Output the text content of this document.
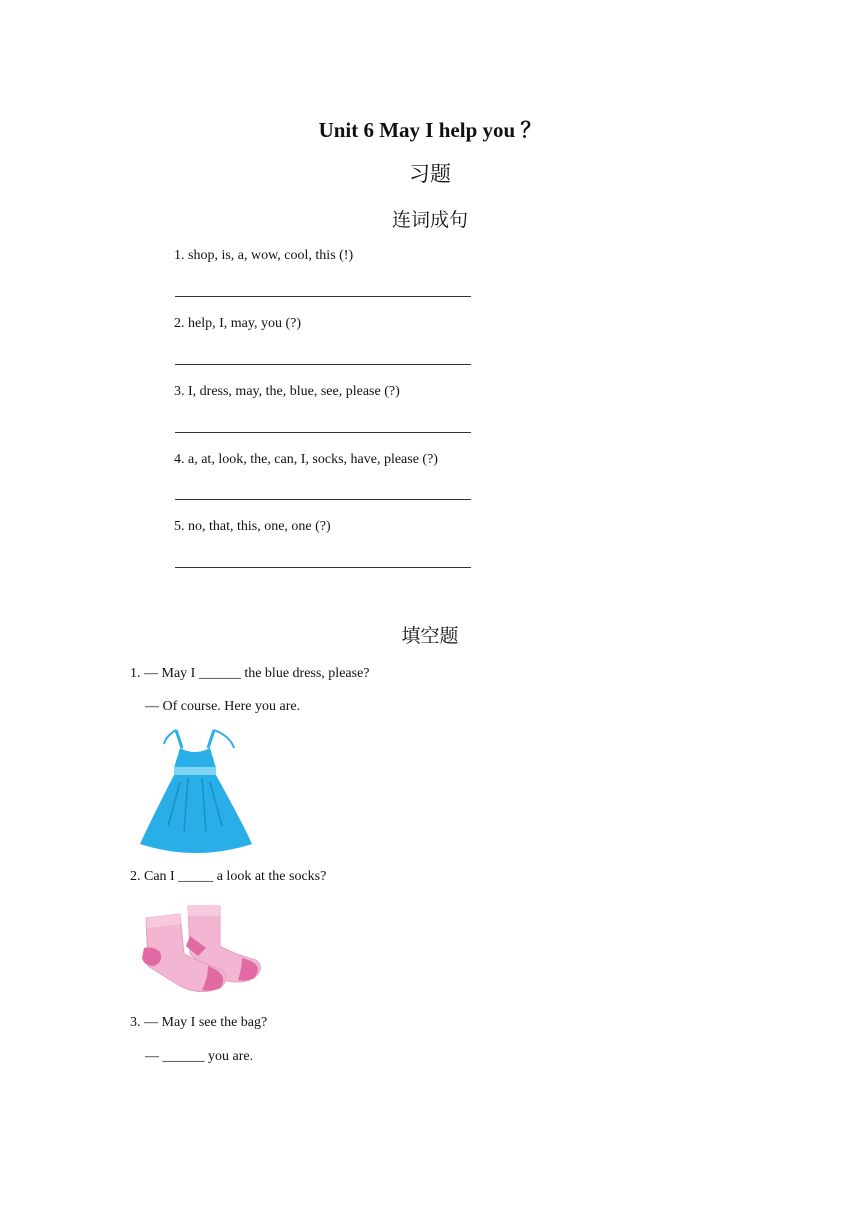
Unit 6 May I help you ？
习题
连词成句
1. shop, is, a, wow, cool, this (!)
2. help, I, may, you (?)
3. I, dress, may, the, blue, see, please (?)
4. a, at, look, the, can, I, socks, have, please (?)
5. no, that, this, one, one (?)
填空题
1. — May I ______ the blue dress, please?
— Of course. Here you are.
2. Can I _____ a look at the socks?
3. — May I see the bag?
— ______ you are.
